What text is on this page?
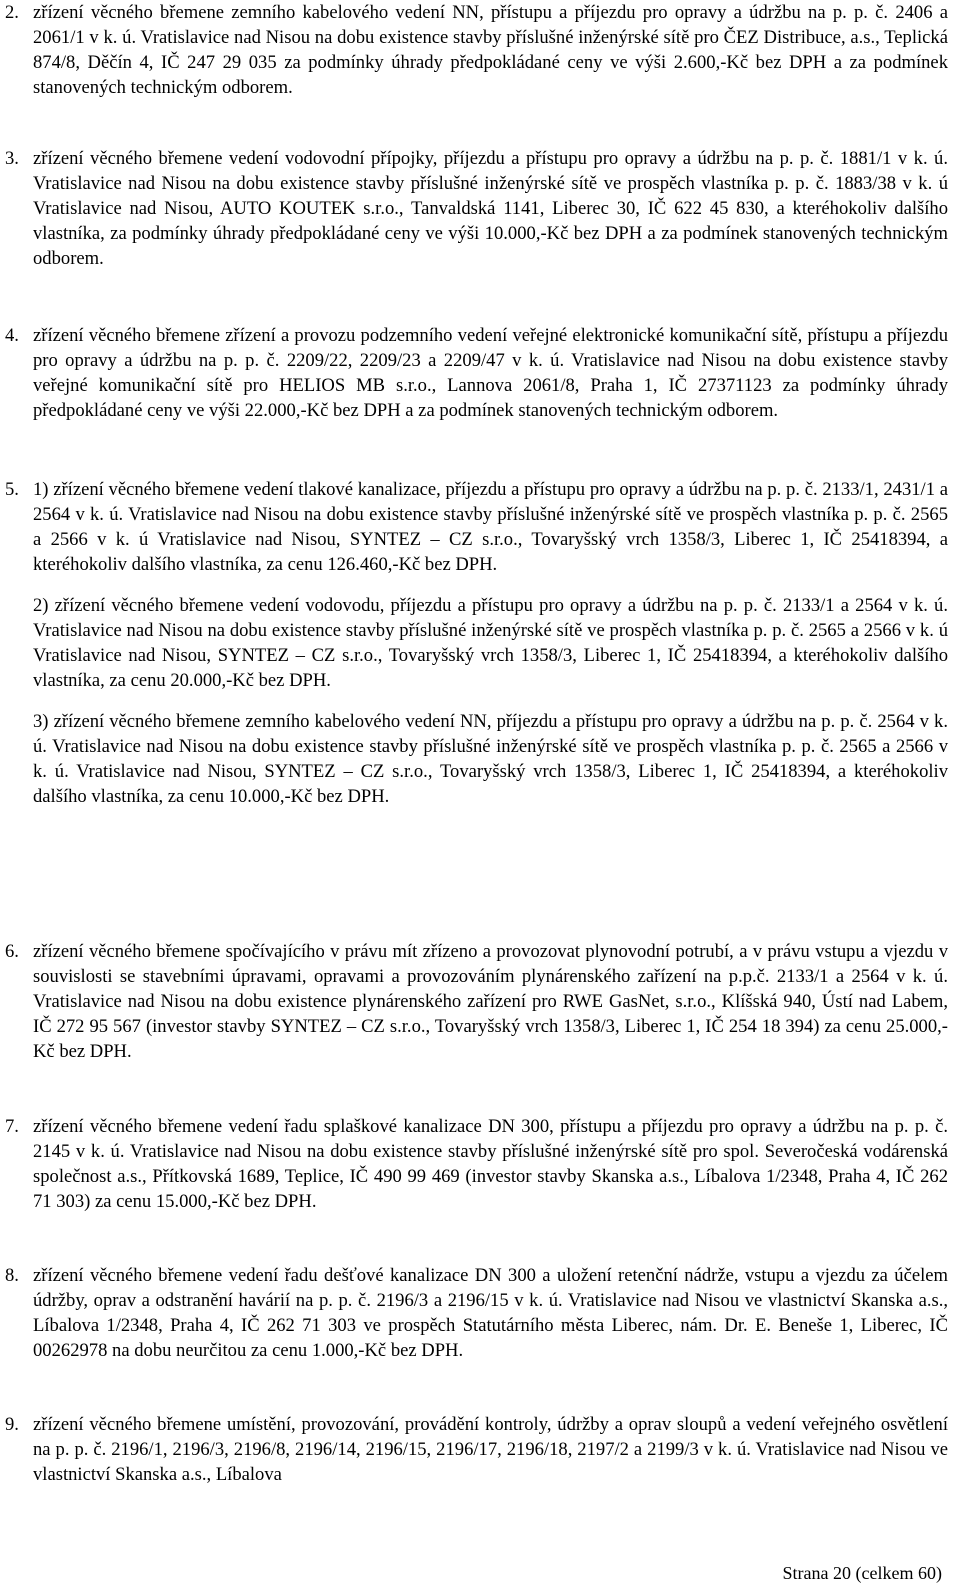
2. zřízení věcného břemene zemního kabelového vedení NN, přístupu a příjezdu pro opravy a údržbu na p. p. č. 2406 a 2061/1 v k. ú. Vratislavice nad Nisou na dobu existence stavby příslušné inženýrské sítě pro ČEZ Distribuce, a.s., Teplická 874/8, Děčín 4, IČ 247 29 035 za podmínky úhrady předpokládané ceny ve výši 2.600,-Kč bez DPH a za podmínek stanovených technickým odborem.

3. zřízení věcného břemene vedení vodovodní přípojky, příjezdu a přístupu pro opravy a údržbu na p. p. č. 1881/1 v k. ú. Vratislavice nad Nisou na dobu existence stavby příslušné inženýrské sítě ve prospěch vlastníka p. p. č. 1883/38 v k. ú Vratislavice nad Nisou, AUTO KOUTEK s.r.o., Tanvaldská 1141, Liberec 30, IČ 622 45 830, a kteréhokoliv dalšího vlastníka, za podmínky úhrady předpokládané ceny ve výši 10.000,-Kč bez DPH a za podmínek stanovených technickým odborem.

4. zřízení věcného břemene zřízení a provozu podzemního vedení veřejné elektronické komunikační sítě, přístupu a příjezdu pro opravy a údržbu na p. p. č. 2209/22, 2209/23 a 2209/47 v k. ú. Vratislavice nad Nisou na dobu existence stavby veřejné komunikační sítě pro HELIOS MB s.r.o., Lannova 2061/8, Praha 1, IČ 27371123 za podmínky úhrady předpokládané ceny ve výši 22.000,-Kč bez DPH a za podmínek stanovených technickým odborem.

5. 1) zřízení věcného břemene vedení tlakové kanalizace, příjezdu a přístupu pro opravy a údržbu na p. p. č. 2133/1, 2431/1 a 2564 v k. ú. Vratislavice nad Nisou na dobu existence stavby příslušné inženýrské sítě ve prospěch vlastníka p. p. č. 2565 a 2566 v k. ú Vratislavice nad Nisou, SYNTEZ – CZ s.r.o., Tovaryšský vrch 1358/3, Liberec 1, IČ 25418394, a kteréhokoliv dalšího vlastníka, za cenu 126.460,-Kč bez DPH.

2) zřízení věcného břemene vedení vodovodu, příjezdu a přístupu pro opravy a údržbu na p. p. č. 2133/1 a 2564 v k. ú. Vratislavice nad Nisou na dobu existence stavby příslušné inženýrské sítě ve prospěch vlastníka p. p. č. 2565 a 2566 v k. ú Vratislavice nad Nisou, SYNTEZ – CZ s.r.o., Tovaryšský vrch 1358/3, Liberec 1, IČ 25418394, a kteréhokoliv dalšího vlastníka, za cenu 20.000,-Kč bez DPH.

3) zřízení věcného břemene zemního kabelového vedení NN, příjezdu a přístupu pro opravy a údržbu na p. p. č. 2564 v k. ú. Vratislavice nad Nisou na dobu existence stavby příslušné inženýrské sítě ve prospěch vlastníka p. p. č. 2565 a 2566 v k. ú. Vratislavice nad Nisou, SYNTEZ – CZ s.r.o., Tovaryšský vrch 1358/3, Liberec 1, IČ 25418394, a kteréhokoliv dalšího vlastníka, za cenu 10.000,-Kč bez DPH.

6. zřízení věcného břemene spočívajícího v právu mít zřízeno a provozovat plynovodní potrubí, a v právu vstupu a vjezdu v souvislosti se stavebními úpravami, opravami a provozováním plynárenského zařízení na p.p.č. 2133/1 a 2564 v k. ú. Vratislavice nad Nisou na dobu existence plynárenského zařízení pro RWE GasNet, s.r.o., Klíšská 940, Ústí nad Labem, IČ 272 95 567 (investor stavby SYNTEZ – CZ s.r.o., Tovaryšský vrch 1358/3, Liberec 1, IČ 254 18 394) za cenu 25.000,-Kč bez DPH.

7. zřízení věcného břemene vedení řadu splaškové kanalizace DN 300, přístupu a příjezdu pro opravy a údržbu na p. p. č. 2145 v k. ú. Vratislavice nad Nisou na dobu existence stavby příslušné inženýrské sítě pro spol. Severočeská vodárenská společnost a.s., Přítkovská 1689, Teplice, IČ 490 99 469 (investor stavby Skanska a.s., Líbalova 1/2348, Praha 4, IČ 262 71 303) za cenu 15.000,-Kč bez DPH.

8. zřízení věcného břemene vedení řadu dešťové kanalizace DN 300 a uložení retenční nádrže, vstupu a vjezdu za účelem údržby, oprav a odstranění havárií na p. p. č. 2196/3 a 2196/15 v k. ú. Vratislavice nad Nisou ve vlastnictví Skanska a.s., Líbalova 1/2348, Praha 4, IČ 262 71 303 ve prospěch Statutárního města Liberec, nám. Dr. E. Beneše 1, Liberec, IČ 00262978 na dobu neurčitou za cenu 1.000,-Kč bez DPH.

9. zřízení věcného břemene umístění, provozování, provádění kontroly, údržby a oprav sloupů a vedení veřejného osvětlení na p. p. č. 2196/1, 2196/3, 2196/8, 2196/14, 2196/15, 2196/17, 2196/18, 2197/2 a 2199/3 v k. ú. Vratislavice nad Nisou ve vlastnictví Skanska a.s., Líbalova

Strana 20 (celkem 60)
